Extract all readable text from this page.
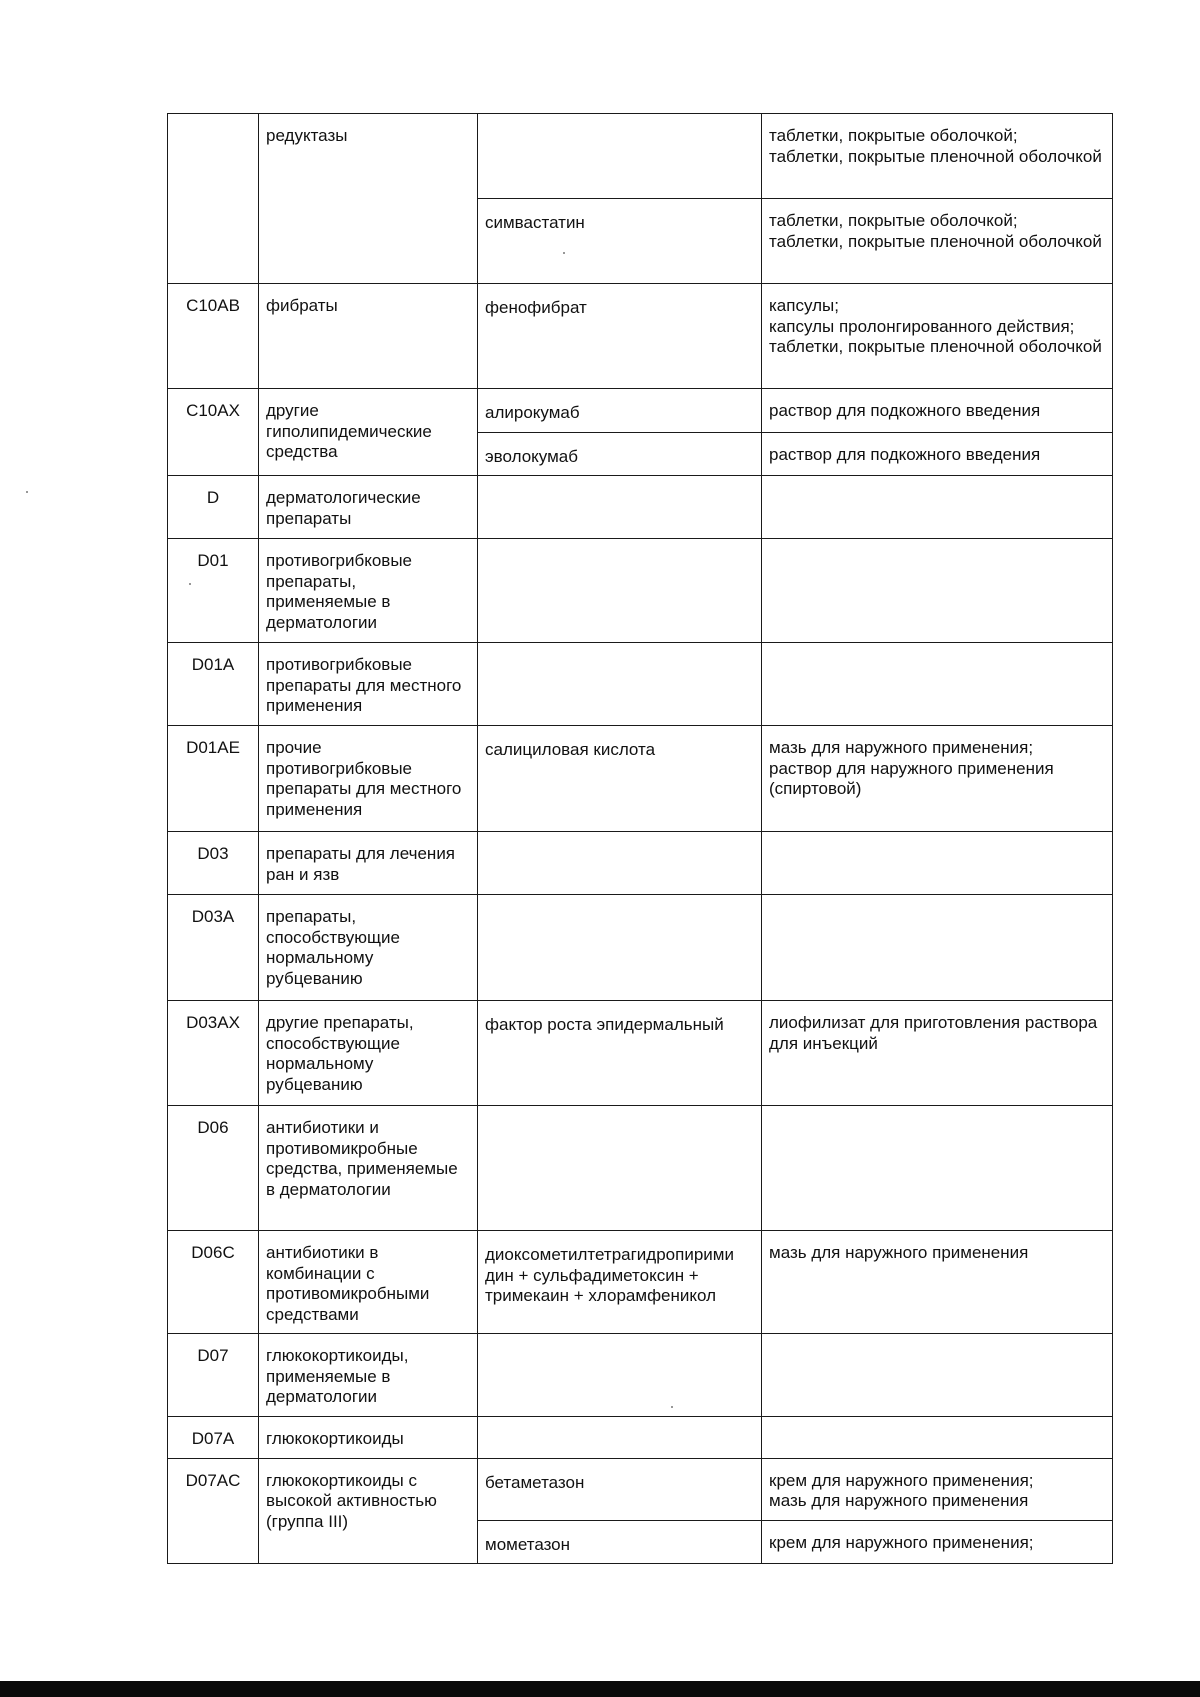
	редуктазы		таблетки, покрытые оболочкой;
таблетки, покрытые пленочной оболочкой
		симвастатин	таблетки, покрытые оболочкой;
таблетки, покрытые пленочной оболочкой
C10AB	фибраты	фенофибрат	капсулы;
капсулы пролонгированного действия;
таблетки, покрытые пленочной оболочкой
C10AX	другие гиполипидемические средства	алирокумаб	раствор для подкожного введения
		эволокумаб	раствор для подкожного введения
D	дерматологические препараты		
D01	противогрибковые препараты, применяемые в дерматологии		
D01A	противогрибковые препараты для местного применения		
D01AE	прочие противогрибковые препараты для местного применения	салициловая кислота	мазь для наружного применения;
раствор для наружного применения (спиртовой)
D03	препараты для лечения ран и язв		
D03A	препараты, способствующие нормальному рубцеванию		
D03AX	другие препараты, способствующие нормальному рубцеванию	фактор роста эпидермальный	лиофилизат для приготовления раствора для инъекций
D06	антибиотики и противомикробные средства, применяемые в дерматологии		
D06C	антибиотики в комбинации с противомикробными средствами	диоксометилтетрагидропирими дин + сульфадиметоксин + тримекаин + хлорамфеникол	мазь для наружного применения
D07	глюкокортикоиды, применяемые в дерматологии		
D07A	глюкокортикоиды		
D07AC	глюкокортикоиды с высокой активностью (группа III)	бетаметазон	крем для наружного применения;
мазь для наружного применения
		мометазон	крем для наружного применения;
